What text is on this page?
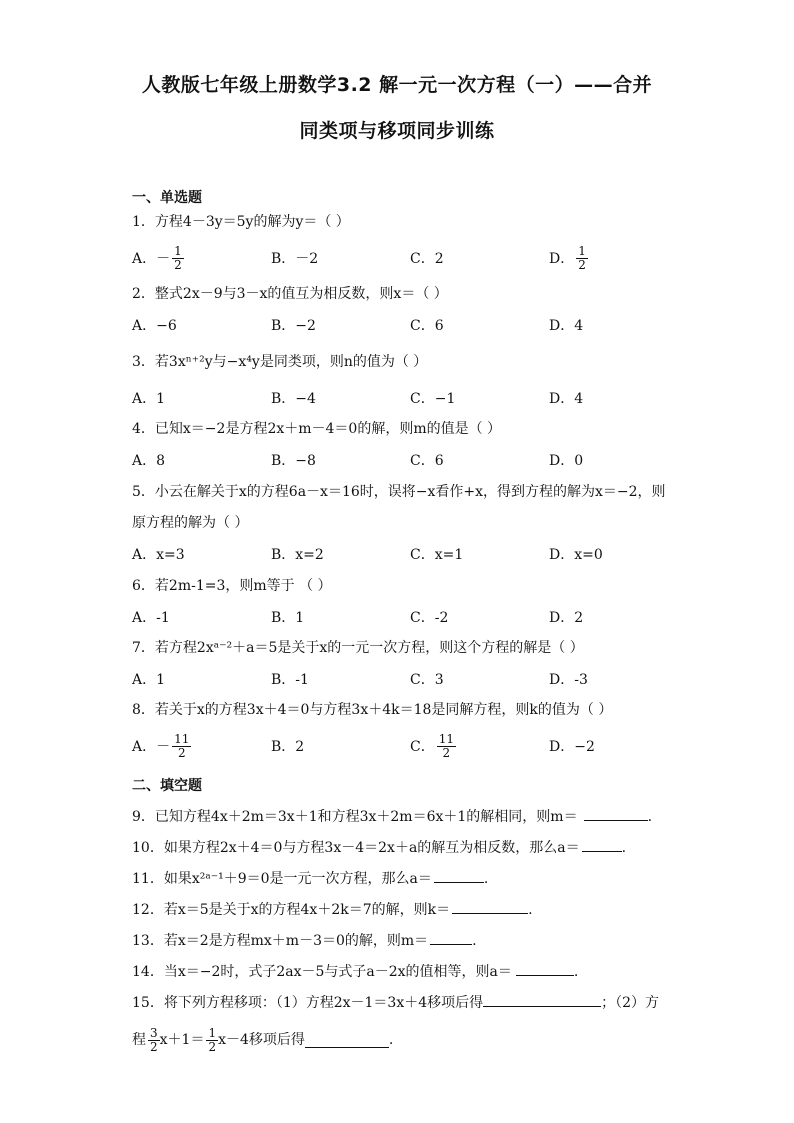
人教版七年级上册数学3.2 解一元一次方程（一）——合并
同类项与移项同步训练
一、单选题
1．方程4－3y＝5y的解为y＝（ ）
A． － $\frac{1}{2}$	B．－2	C．2	D． $\frac{1}{2}$
2．整式2x－9与3－x的值互为相反数，则x＝（ ）
A．−6	B．−2	C．6	D．4
3．若3xⁿ⁺²y与−x⁴y是同类项，则n的值为（ ）
A．1	B．−4	C．−1	D．4
4．已知x＝−2是方程2x＋m－4＝0的解，则m的值是（ ）
A．8	B．−8	C．6	D．0
5．小云在解关于x的方程6a－x＝16时，误将−x看作+x，得到方程的解为x＝−2，则
原方程的解为（ ）
A．x=3	B．x=2	C．x=1	D．x=0
6．若2m-1=3，则m等于 （ ）
A．-1	B．1	C．-2	D．2
7．若方程2xᵃ⁻²＋a＝5是关于x的一元一次方程，则这个方程的解是（ ）
A．1	B．-1	C．3	D．-3
8．若关于x的方程3x＋4＝0与方程3x＋4k＝18是同解方程，则k的值为（ ）
A． － $\frac{11}{2}$	B．2	C． $\frac{11}{2}$	D．−2
二、填空题
9．已知方程4x＋2m＝3x＋1和方程3x＋2m＝6x＋1的解相同，则m＝	.
10．如果方程2x＋4＝0与方程3x－4＝2x＋a的解互为相反数，那么a＝	.
11．如果x²ᵃ⁻¹＋9＝0是一元一次方程，那么a＝	.
12．若x＝5是关于x的方程4x＋2k＝7的解，则k＝	.
13．若x＝2是方程mx＋m－3＝0的解，则m＝	.
14．当x＝−2时，式子2ax－5与式子a－2x的值相等，则a＝	.
15．将下列方程移项：（1）方程2x－1＝3x＋4移项后得	；（2）方
程 $\frac{3}{2} x+1= \frac{1}{2} x-4$移项后得	.
